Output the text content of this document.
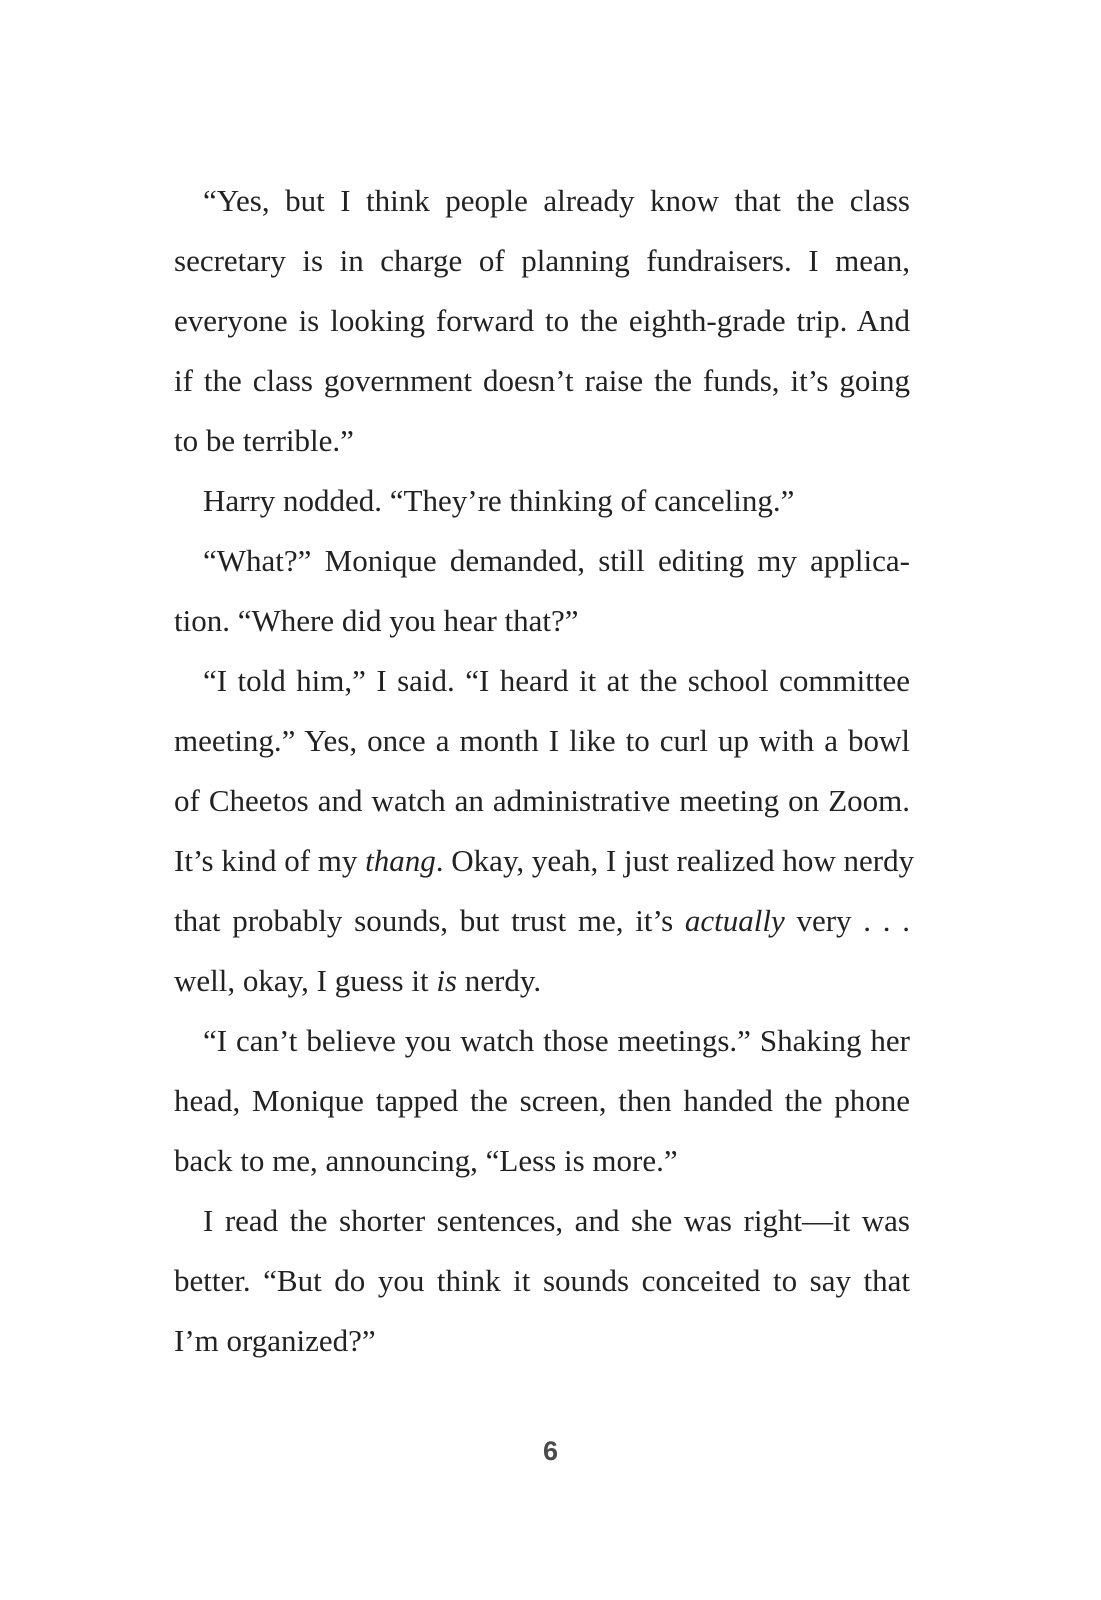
“Yes, but I think people already know that the class
secretary is in charge of planning fundraisers. I mean,
everyone is looking forward to the eighth-grade trip. And
if the class government doesn’t raise the funds, it’s going
to be terrible.”
Harry nodded. “They’re thinking of canceling.”
“What?” Monique demanded, still editing my applica-
tion. “Where did you hear that?”
“I told him,” I said. “I heard it at the school committee
meeting.” Yes, once a month I like to curl up with a bowl
of Cheetos and watch an administrative meeting on Zoom.
It’s kind of my thang. Okay, yeah, I just realized how nerdy
that probably sounds, but trust me, it’s actually very . . .
well, okay, I guess it is nerdy.
“I can’t believe you watch those meetings.” Shaking her
head, Monique tapped the screen, then handed the phone
back to me, announcing, “Less is more.”
I read the shorter sentences, and she was right—it was
better. “But do you think it sounds conceited to say that
I’m organized?”
6
